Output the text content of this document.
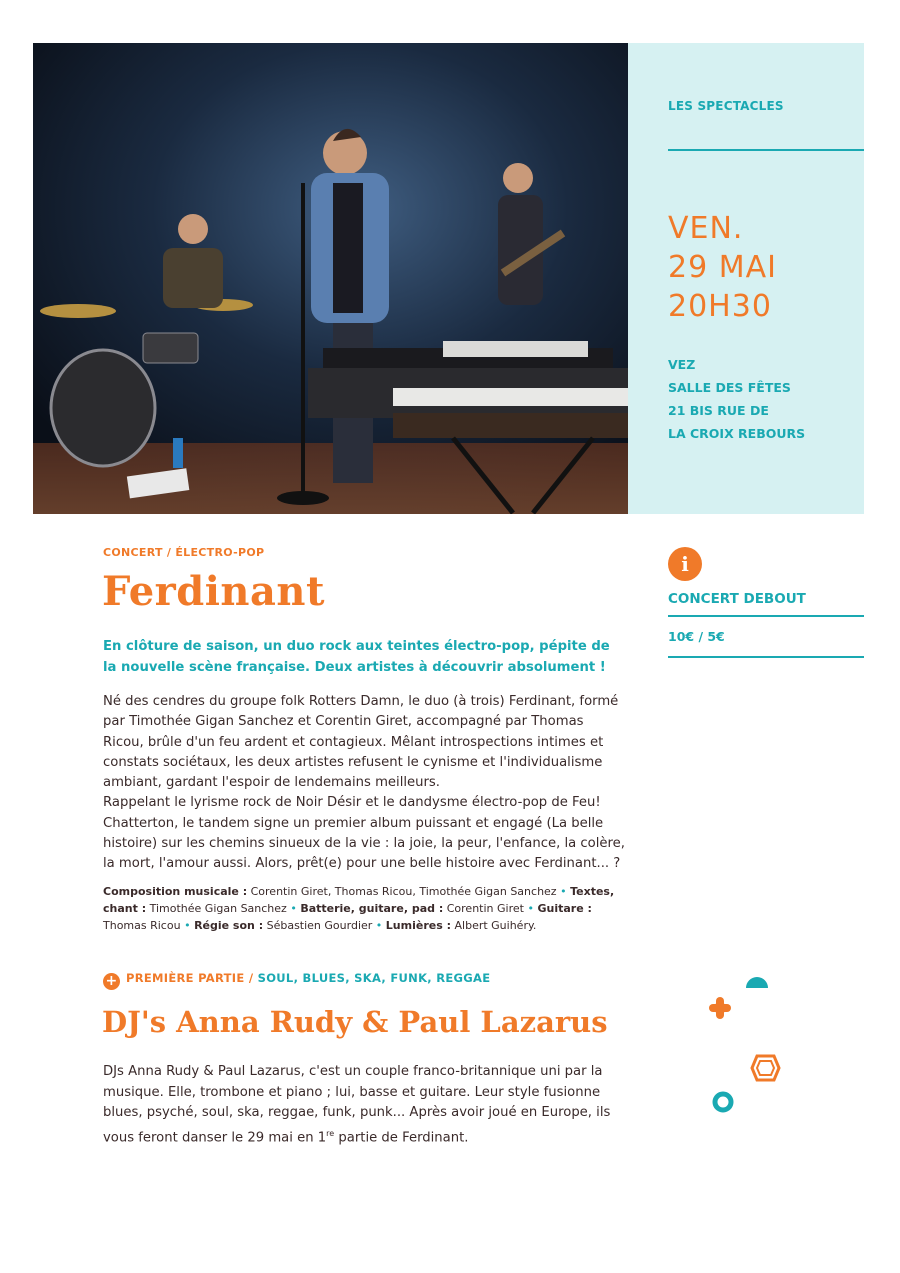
LES SPECTACLES
VEN.
29 MAI
20H30
VEZ
SALLE DES FÊTES
21 BIS RUE DE
LA CROIX REBOURS
CONCERT / ÉLECTRO-POP
Ferdinant
En clôture de saison, un duo rock aux teintes électro-pop, pépite de la nouvelle scène française. Deux artistes à découvrir absolument !
Né des cendres du groupe folk Rotters Damn, le duo (à trois) Ferdinant, formé par Timothée Gigan Sanchez et Corentin Giret, accompagné par Thomas Ricou, brûle d'un feu ardent et contagieux. Mêlant introspections intimes et constats sociétaux, les deux artistes refusent le cynisme et l'individualisme ambiant, gardant l'espoir de lendemains meilleurs.
Rappelant le lyrisme rock de Noir Désir et le dandysme électro-pop de Feu! Chatterton, le tandem signe un premier album puissant et engagé (La belle histoire) sur les chemins sinueux de la vie : la joie, la peur, l'enfance, la colère, la mort, l'amour aussi. Alors, prêt(e) pour une belle histoire avec Ferdinant... ?
Composition musicale : Corentin Giret, Thomas Ricou, Timothée Gigan Sanchez • Textes, chant : Timothée Gigan Sanchez • Batterie, guitare, pad : Corentin Giret • Guitare : Thomas Ricou • Régie son : Sébastien Gourdier • Lumières : Albert Guihéry.
i
CONCERT DEBOUT
10€ / 5€
+ PREMIÈRE PARTIE / SOUL, BLUES, SKA, FUNK, REGGAE
DJ's Anna Rudy & Paul Lazarus
DJs Anna Rudy & Paul Lazarus, c'est un couple franco-britannique uni par la musique. Elle, trombone et piano ; lui, basse et guitare. Leur style fusionne blues, psyché, soul, ska, reggae, funk, punk... Après avoir joué en Europe, ils vous feront danser le 29 mai en 1re partie de Ferdinant.
